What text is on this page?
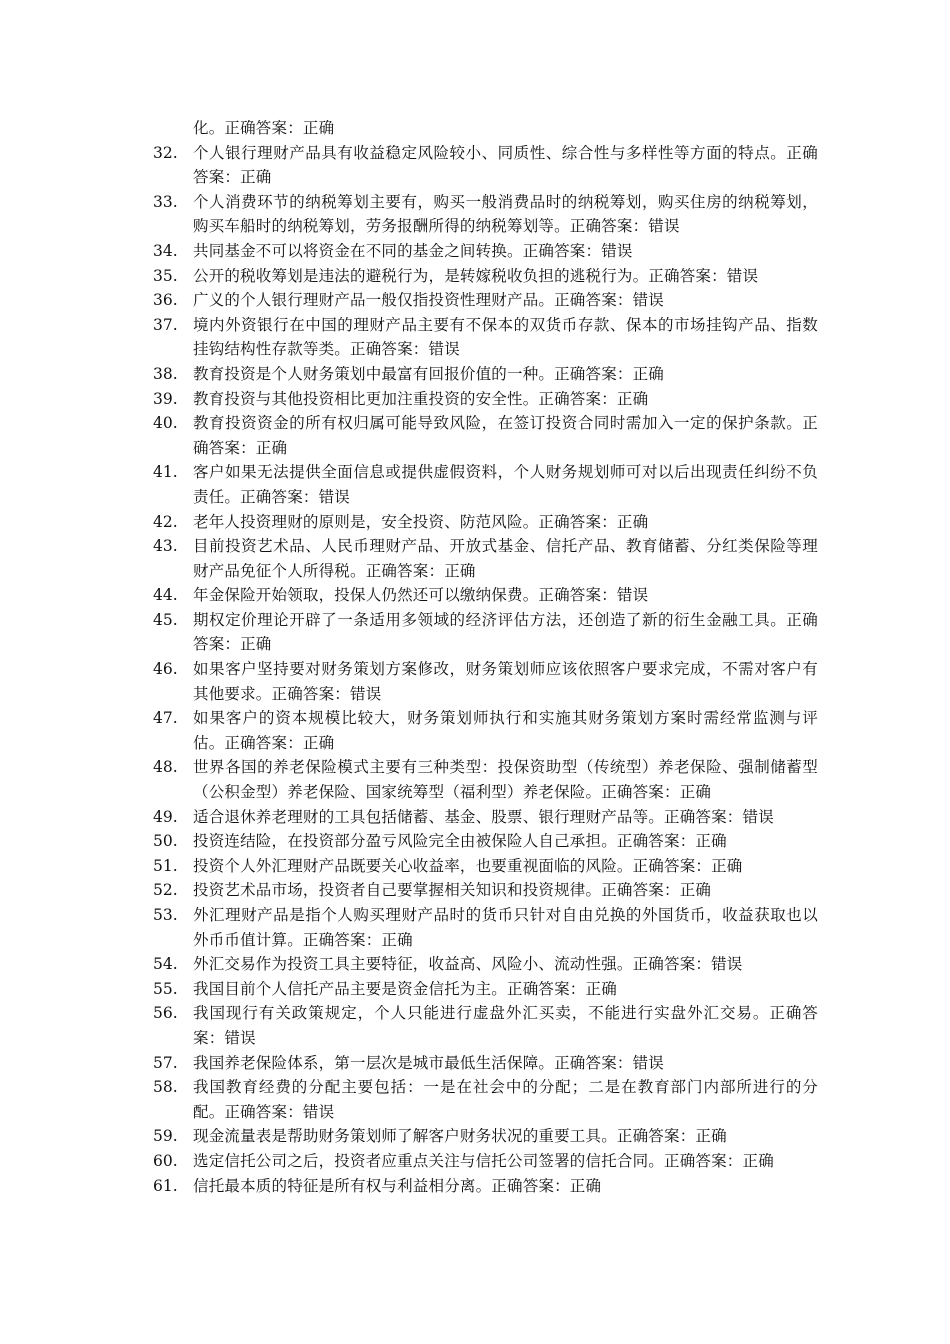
化。正确答案：正确
32. 个人银行理财产品具有收益稳定风险较小、同质性、综合性与多样性等方面的特点。正确答案：正确
33. 个人消费环节的纳税筹划主要有，购买一般消费品时的纳税筹划，购买住房的纳税筹划，购买车船时的纳税筹划，劳务报酬所得的纳税筹划等。正确答案：错误
34. 共同基金不可以将资金在不同的基金之间转换。正确答案：错误
35. 公开的税收筹划是违法的避税行为，是转嫁税收负担的逃税行为。正确答案：错误
36. 广义的个人银行理财产品一般仅指投资性理财产品。正确答案：错误
37. 境内外资银行在中国的理财产品主要有不保本的双货币存款、保本的市场挂钩产品、指数挂钩结构性存款等类。正确答案：错误
38. 教育投资是个人财务策划中最富有回报价值的一种。正确答案：正确
39. 教育投资与其他投资相比更加注重投资的安全性。正确答案：正确
40. 教育投资资金的所有权归属可能导致风险，在签订投资合同时需加入一定的保护条款。正确答案：正确
41. 客户如果无法提供全面信息或提供虚假资料，个人财务规划师可对以后出现责任纠纷不负责任。正确答案：错误
42. 老年人投资理财的原则是，安全投资、防范风险。正确答案：正确
43. 目前投资艺术品、人民币理财产品、开放式基金、信托产品、教育储蓄、分红类保险等理财产品免征个人所得税。正确答案：正确
44. 年金保险开始领取，投保人仍然还可以缴纳保费。正确答案：错误
45. 期权定价理论开辟了一条适用多领域的经济评估方法，还创造了新的衍生金融工具。正确答案：正确
46. 如果客户坚持要对财务策划方案修改，财务策划师应该依照客户要求完成，不需对客户有其他要求。正确答案：错误
47. 如果客户的资本规模比较大，财务策划师执行和实施其财务策划方案时需经常监测与评估。正确答案：正确
48. 世界各国的养老保险模式主要有三种类型：投保资助型（传统型）养老保险、强制储蓄型（公积金型）养老保险、国家统筹型（福利型）养老保险。正确答案：正确
49. 适合退休养老理财的工具包括储蓄、基金、股票、银行理财产品等。正确答案：错误
50. 投资连结险，在投资部分盈亏风险完全由被保险人自己承担。正确答案：正确
51. 投资个人外汇理财产品既要关心收益率，也要重视面临的风险。正确答案：正确
52. 投资艺术品市场，投资者自己要掌握相关知识和投资规律。正确答案：正确
53. 外汇理财产品是指个人购买理财产品时的货币只针对自由兑换的外国货币，收益获取也以外币币值计算。正确答案：正确
54. 外汇交易作为投资工具主要特征，收益高、风险小、流动性强。正确答案：错误
55. 我国目前个人信托产品主要是资金信托为主。正确答案：正确
56. 我国现行有关政策规定，个人只能进行虚盘外汇买卖，不能进行实盘外汇交易。正确答案：错误
57. 我国养老保险体系，第一层次是城市最低生活保障。正确答案：错误
58. 我国教育经费的分配主要包括：一是在社会中的分配；二是在教育部门内部所进行的分配。正确答案：错误
59. 现金流量表是帮助财务策划师了解客户财务状况的重要工具。正确答案：正确
60. 选定信托公司之后，投资者应重点关注与信托公司签署的信托合同。正确答案：正确
61. 信托最本质的特征是所有权与利益相分离。正确答案：正确
